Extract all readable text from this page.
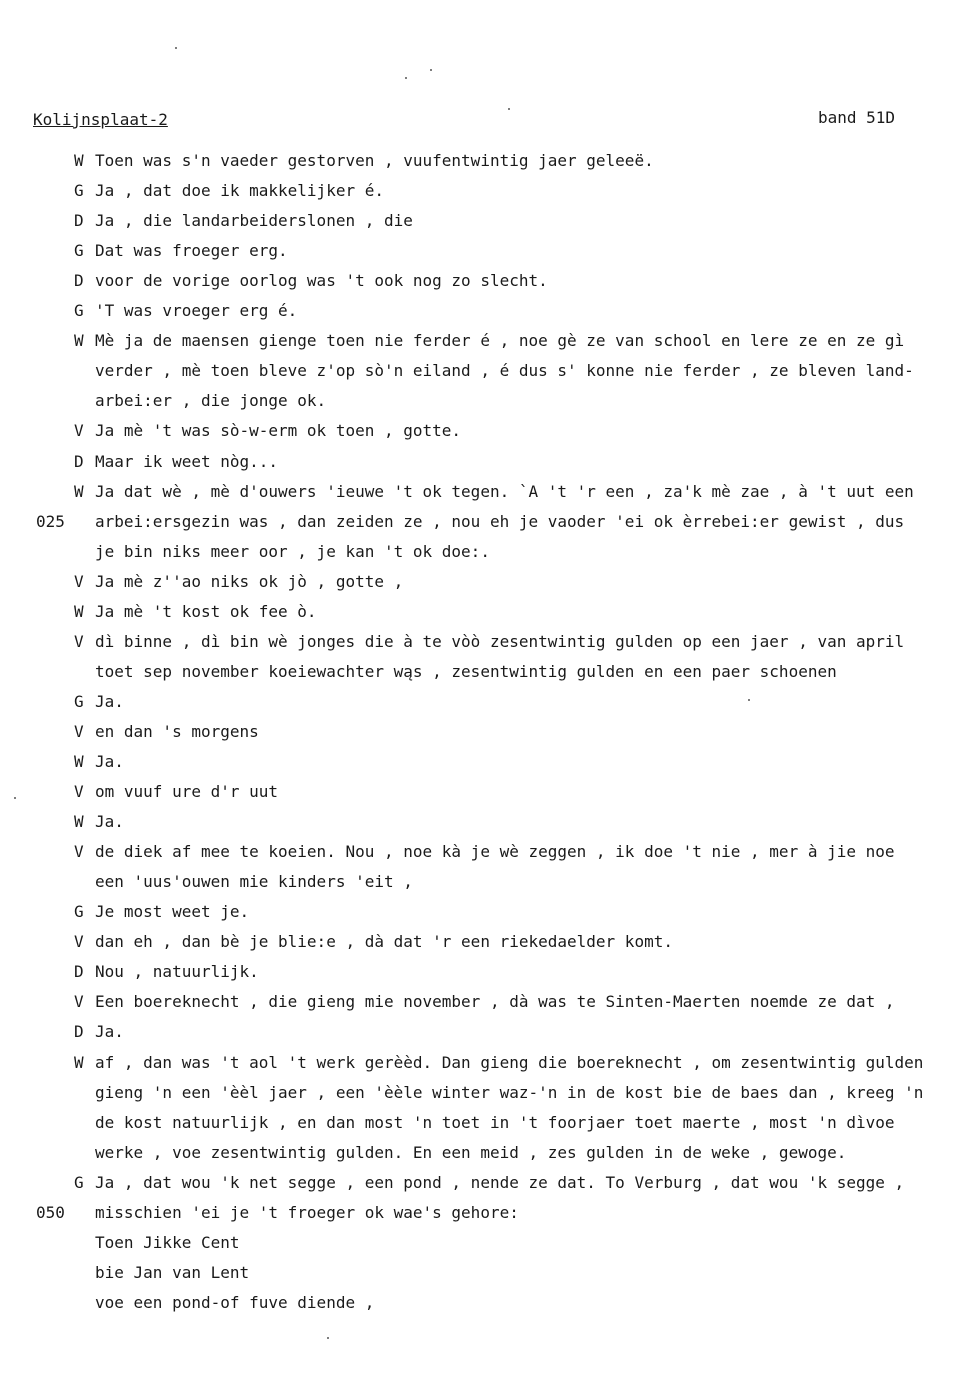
Kolijnsplaat-2	band 51D
W Toen was s'n vaeder gestorven , vuufentwintig jaer geleeë.
G Ja , dat doe ik makkelijker é.
D Ja , die landarbeiderslonen , die
G Dat was froeger erg.
D voor de vorige oorlog was 't ook nog zo slecht.
G 'T was vroeger erg é.
W Mè ja de maensen gienge toen nie ferder é , noe gè ze van school en lere ze en ze gì
verder , mè toen bleve z'op sò'n eiland , é dus s' konne nie ferder , ze bleven land-
arbei:er , die jonge ok.
V Ja mè 't was sò-w-erm ok toen , gotte.
D Maar ik weet nòg...
W Ja dat wè , mè d'ouwers 'ieuwe 't ok tegen. `A 't 'r een , za'k mè zae , à 't uut een
025	arbei:ersgezin was , dan zeiden ze , nou eh je vaoder 'ei ok èrrebei:er gewist , dus
je bin niks meer oor , je kan 't ok doe:.
V Ja mè z''ao niks ok jò , gotte ,
W Ja mè 't kost ok fee ò.
V dì binne , dì bin wè jonges die à te vòò zesentwintig gulden op een jaer , van april
toet sep november koeiewachter wąs , zesentwintig gulden en een paer schoenen
G Ja.
V en dan 's morgens
W Ja.
V om vuuf ure d'r uut
W Ja.
V de diek af mee te koeien. Nou , noe kà je wè zeggen , ik doe 't nie , mer à jie noe
een 'uus'ouwen mie kinders 'eit ,
G Je most weet je.
V dan eh , dan bè je blie:e , dà dat 'r een riekedaelder komt.
D Nou , natuurlijk.
V Een boereknecht , die gieng mie november , dà was te Sinten-Maerten noemde ze dat ,
D Ja.
W af , dan was 't aol 't werk gerèèd. Dan gieng die boereknecht , om zesentwintig gulden
gieng 'n een 'èèl jaer , een 'èèle winter waz-'n in de kost bie de baes dan , kreeg 'n
de kost natuurlijk , en dan most 'n toet in 't foorjaer toet maerte , most 'n dìvoe
werke , voe zesentwintig gulden. En een meid , zes gulden in de weke , gewoge.
G Ja , dat wou 'k net segge , een pond , nende ze dat. To Verburg , dat wou 'k segge ,
050	misschien 'ei je 't froeger ok wae's gehore:
Toen Jikke Cent
bie Jan van Lent
voe een pond-of fuve diende ,
